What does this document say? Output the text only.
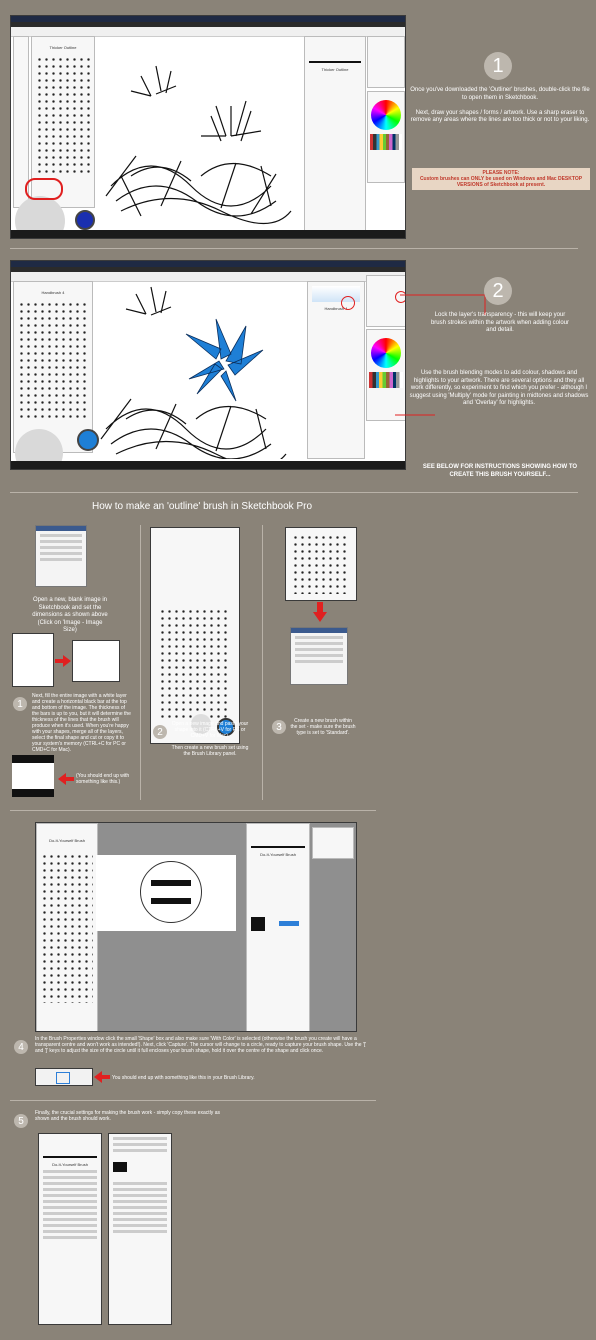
Thicker Outline
Thicker Outline	1
Once you've downloaded the 'Outliner' brushes, double-click the file to open them in Sketchbook.

Next, draw your shapes / forms / artwork. Use a sharp eraser to remove any areas where the lines are too thick or not to your liking.
PLEASE NOTE:
Custom brushes can ONLY be used on Windows and Mac DESKTOP VERSIONS of Sketchbook at present.
Handbrush 4
Handbrush 4
2
Lock the layer's transparency - this will keep your brush strokes within the artwork when adding colour and detail.
Use the brush blending modes to add colour, shadows and highlights to your artwork. There are several options and they all work differently, so experiment to find which you prefer - although I suggest using 'Multiply' mode for painting in midtones and shadows and 'Overlay' for highlights.
SEE BELOW FOR INSTRUCTIONS SHOWING HOW TO CREATE THIS BRUSH YOURSELF...
How to make an 'outline' brush in Sketchbook Pro
Open a new, blank image in Sketchbook and set the dimensions as shown above (Click on 'Image - Image Size)
1
Next, fill the entire image with a white layer and create a horizontal black bar at the top and bottom of the image. The thickness of the bars is up to you, but it will determine the thickness of the lines that the brush will produce when it's used. When you're happy with your shapes, merge all of the layers, select the final shape and cut or copy it to your system's memory (CTRL+C for PC or CMD+C for Mac).
(You should end up with something like this.)
2
Open a new image and paste your shape into it (CTRL+V for PC or CMD+V for Mac).

Then create a new brush set using the Brush Library panel.
3
Create a new brush within the set - make sure the brush type is set to 'Standard'.
Do-It-Yourself Brush
Do-It-Yourself Brush
4
In the Brush Properties window click the small 'Shape' box and also make sure 'With Color' is selected (otherwise the brush you create will have a transparent centre and won't work as intended!). Next, click 'Capture'. The cursor will change to a circle, ready to capture your brush shape. Use the '[' and ']' keys to adjust the size of the circle until it full encloses your brush shape, hold it over the centre of the shape and click once.
You should end up with something like this in your Brush Library.
5
Finally, the crucial settings for making the brush work - simply copy these exactly as shown and the brush should work.
Do-It-Yourself Brush
